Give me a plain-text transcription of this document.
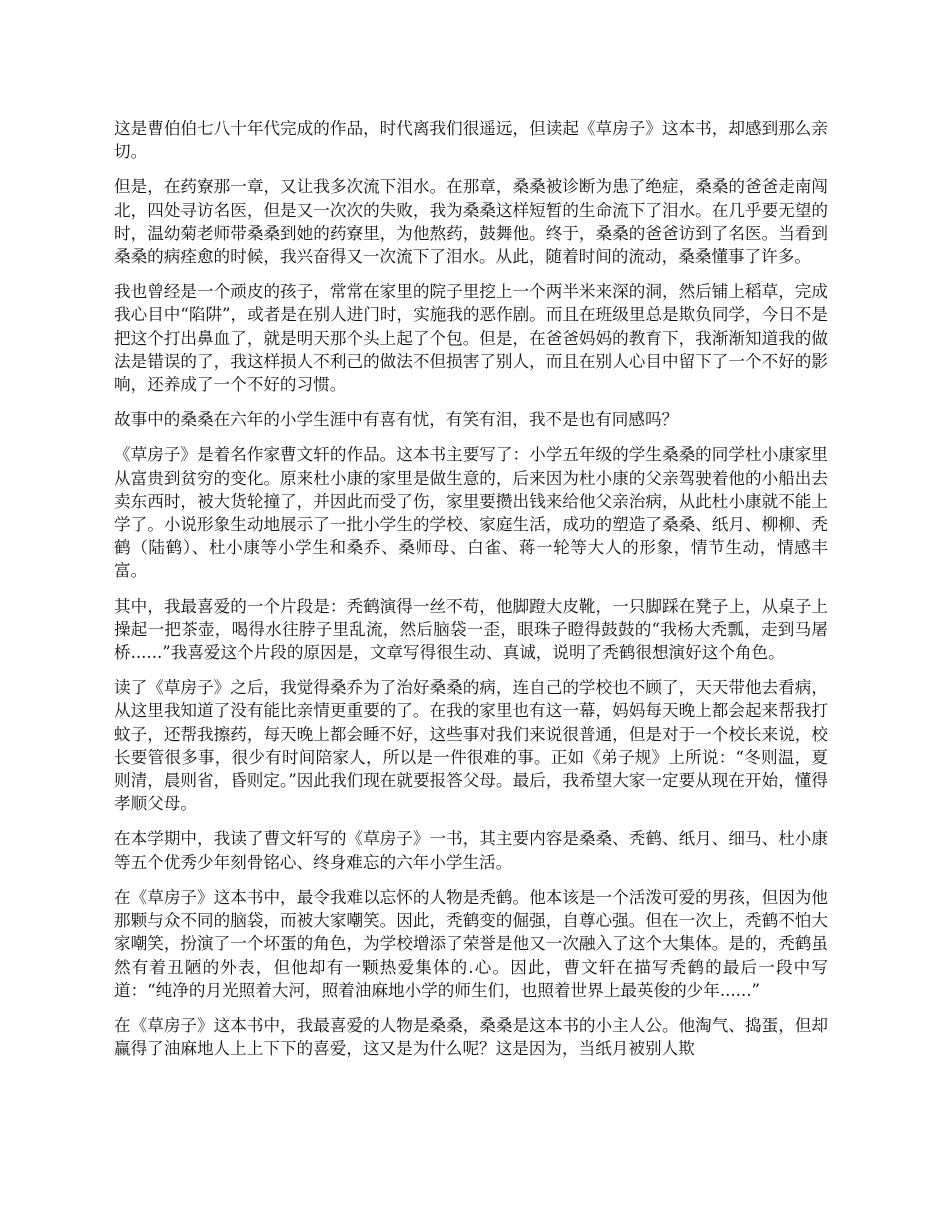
这是曹伯伯七八十年代完成的作品，时代离我们很遥远，但读起《草房子》这本书，却感到那么亲切。

但是，在药寮那一章，又让我多次流下泪水。在那章，桑桑被诊断为患了绝症，桑桑的爸爸走南闯北，四处寻访名医，但是又一次次的失败，我为桑桑这样短暂的生命流下了泪水。在几乎要无望的时，温幼菊老师带桑桑到她的药寮里，为他熬药，鼓舞他。终于，桑桑的爸爸访到了名医。当看到桑桑的病痊愈的时候，我兴奋得又一次流下了泪水。从此，随着时间的流动，桑桑懂事了许多。

我也曾经是一个顽皮的孩子，常常在家里的院子里挖上一个两半米来深的洞，然后铺上稻草，完成我心目中“陷阱”，或者是在别人进门时，实施我的恶作剧。而且在班级里总是欺负同学，今日不是把这个打出鼻血了，就是明天那个头上起了个包。但是，在爸爸妈妈的教育下，我渐渐知道我的做法是错误的了，我这样损人不利己的做法不但损害了别人，而且在别人心目中留下了一个不好的影响，还养成了一个不好的习惯。

故事中的桑桑在六年的小学生涯中有喜有忧，有笑有泪，我不是也有同感吗？

《草房子》是着名作家曹文轩的作品。这本书主要写了：小学五年级的学生桑桑的同学杜小康家里从富贵到贫穷的变化。原来杜小康的家里是做生意的，后来因为杜小康的父亲驾驶着他的小船出去卖东西时，被大货轮撞了，并因此而受了伤，家里要攒出钱来给他父亲治病，从此杜小康就不能上学了。小说形象生动地展示了一批小学生的学校、家庭生活，成功的塑造了桑桑、纸月、柳柳、秃鹤（陆鹤）、杜小康等小学生和桑乔、桑师母、白雀、蒋一轮等大人的形象，情节生动，情感丰富。

其中，我最喜爱的一个片段是：秃鹤演得一丝不苟，他脚蹬大皮靴，一只脚踩在凳子上，从桌子上操起一把茶壶，喝得水往脖子里乱流，然后脑袋一歪，眼珠子瞪得鼓鼓的“我杨大秃瓢，走到马屠桥......”我喜爱这个片段的原因是，文章写得很生动、真诚，说明了秃鹤很想演好这个角色。

读了《草房子》之后，我觉得桑乔为了治好桑桑的病，连自己的学校也不顾了，天天带他去看病，从这里我知道了没有能比亲情更重要的了。在我的家里也有这一幕，妈妈每天晚上都会起来帮我打蚊子，还帮我擦药，每天晚上都会睡不好，这些事对我们来说很普通，但是对于一个校长来说，校长要管很多事，很少有时间陪家人，所以是一件很难的事。正如《弟子规》上所说：“冬则温，夏则清，晨则省，昏则定。”因此我们现在就要报答父母。最后，我希望大家一定要从现在开始，懂得孝顺父母。

在本学期中，我读了曹文轩写的《草房子》一书，其主要内容是桑桑、秃鹤、纸月、细马、杜小康等五个优秀少年刻骨铭心、终身难忘的六年小学生活。

在《草房子》这本书中，最令我难以忘怀的人物是秃鹤。他本该是一个活泼可爱的男孩，但因为他那颗与众不同的脑袋，而被大家嘲笑。因此，秃鹤变的倔强，自尊心强。但在一次上，秃鹤不怕大家嘲笑，扮演了一个坏蛋的角色，为学校增添了荣誉是他又一次融入了这个大集体。是的，秃鹤虽然有着丑陋的外表，但他却有一颗热爱集体的.心。因此，曹文轩在描写秃鹤的最后一段中写道：“纯净的月光照着大河，照着油麻地小学的师生们，也照着世界上最英俊的少年......”

在《草房子》这本书中，我最喜爱的人物是桑桑，桑桑是这本书的小主人公。他淘气、捣蛋，但却赢得了油麻地人上上下下的喜爱，这又是为什么呢？这是因为，当纸月被别人欺
